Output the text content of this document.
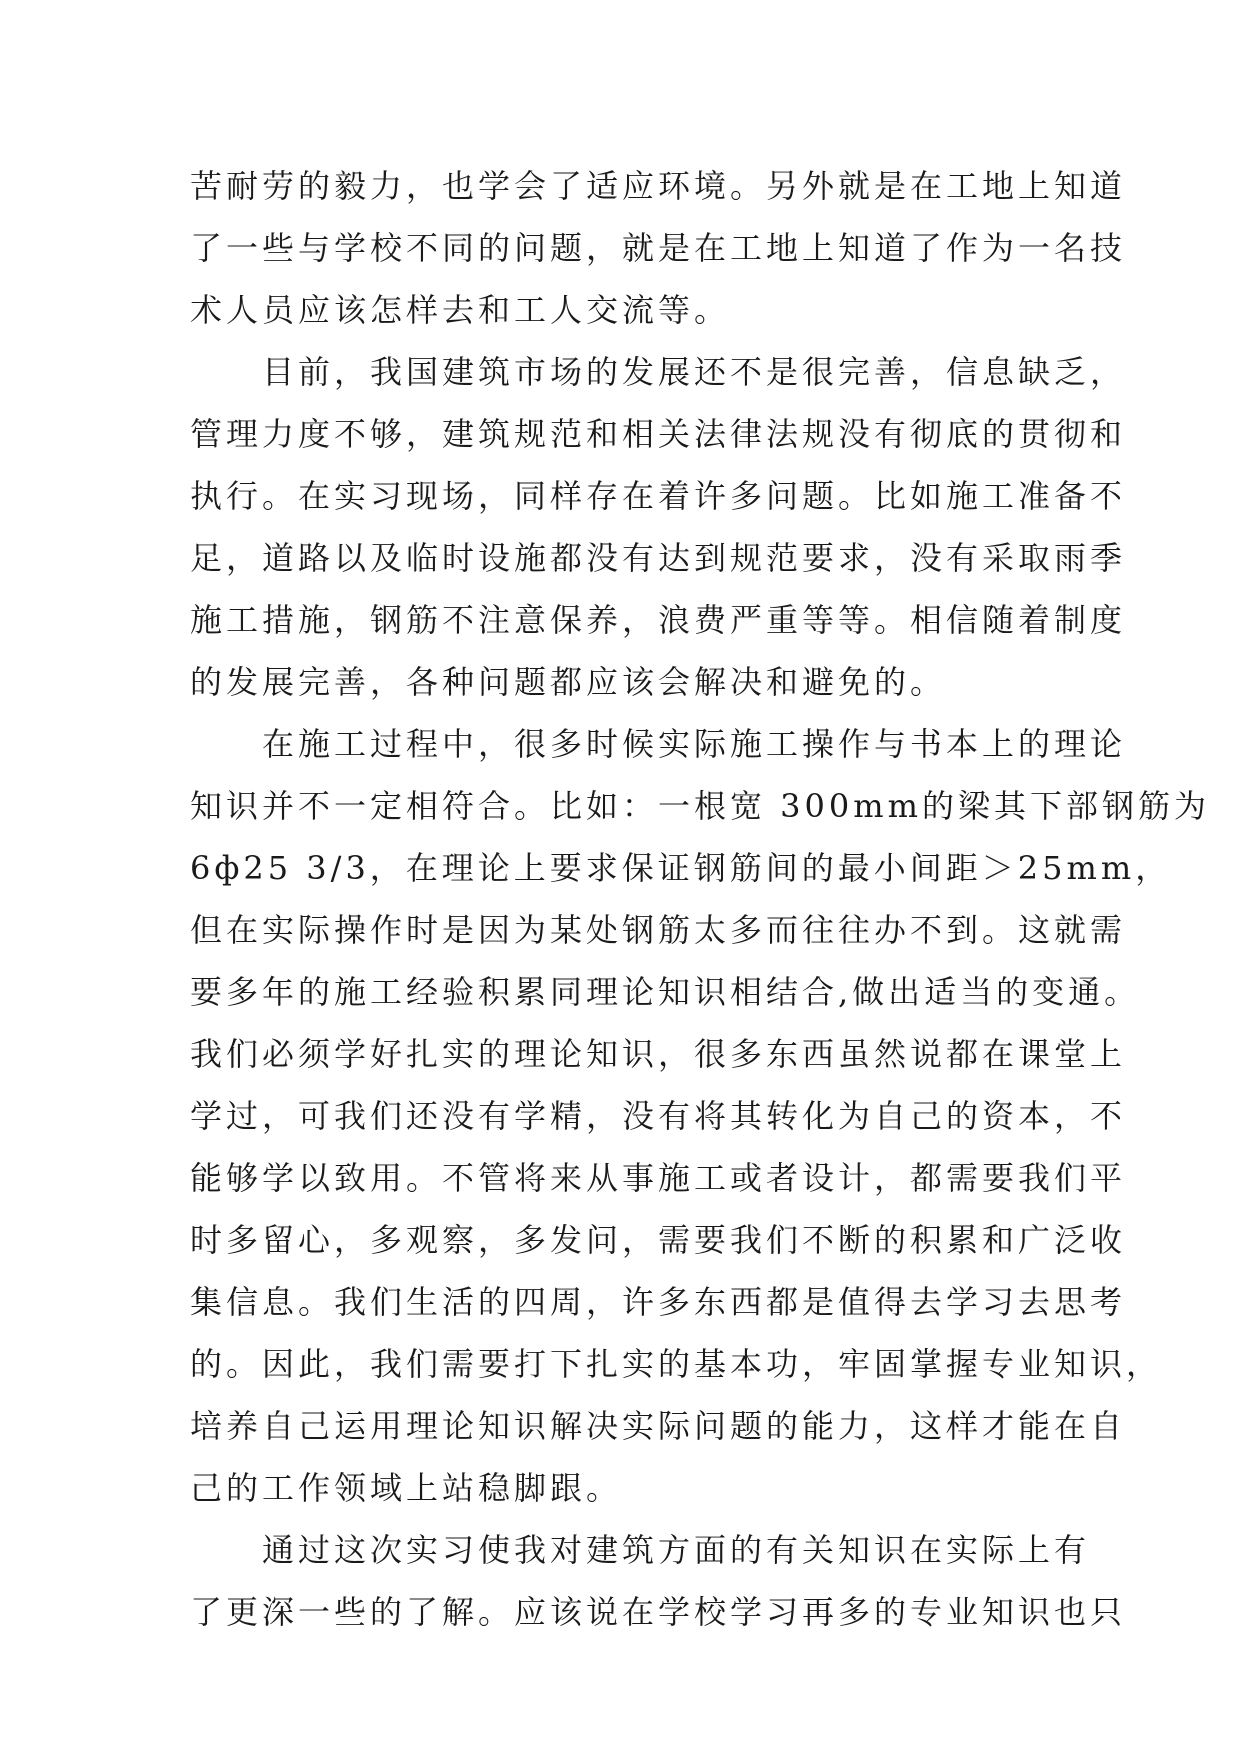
苦耐劳的毅力，也学会了适应环境。另外就是在工地上知道
了一些与学校不同的问题，就是在工地上知道了作为一名技
术人员应该怎样去和工人交流等。
　　目前，我国建筑市场的发展还不是很完善，信息缺乏，
管理力度不够，建筑规范和相关法律法规没有彻底的贯彻和
执行。在实习现场，同样存在着许多问题。比如施工准备不
足，道路以及临时设施都没有达到规范要求，没有采取雨季
施工措施，钢筋不注意保养，浪费严重等等。相信随着制度
的发展完善，各种问题都应该会解决和避免的。
　　在施工过程中，很多时候实际施工操作与书本上的理论
知识并不一定相符合。比如：一根宽 300mm的梁其下部钢筋为
6ф25 3/3，在理论上要求保证钢筋间的最小间距＞25mm，
但在实际操作时是因为某处钢筋太多而往往办不到。这就需
要多年的施工经验积累同理论知识相结合,做出适当的变通。
我们必须学好扎实的理论知识，很多东西虽然说都在课堂上
学过，可我们还没有学精，没有将其转化为自己的资本，不
能够学以致用。不管将来从事施工或者设计，都需要我们平
时多留心，多观察，多发问，需要我们不断的积累和广泛收
集信息。我们生活的四周，许多东西都是值得去学习去思考
的。因此，我们需要打下扎实的基本功，牢固掌握专业知识，
培养自己运用理论知识解决实际问题的能力，这样才能在自
己的工作领域上站稳脚跟。
　　通过这次实习使我对建筑方面的有关知识在实际上有
了更深一些的了解。应该说在学校学习再多的专业知识也只
